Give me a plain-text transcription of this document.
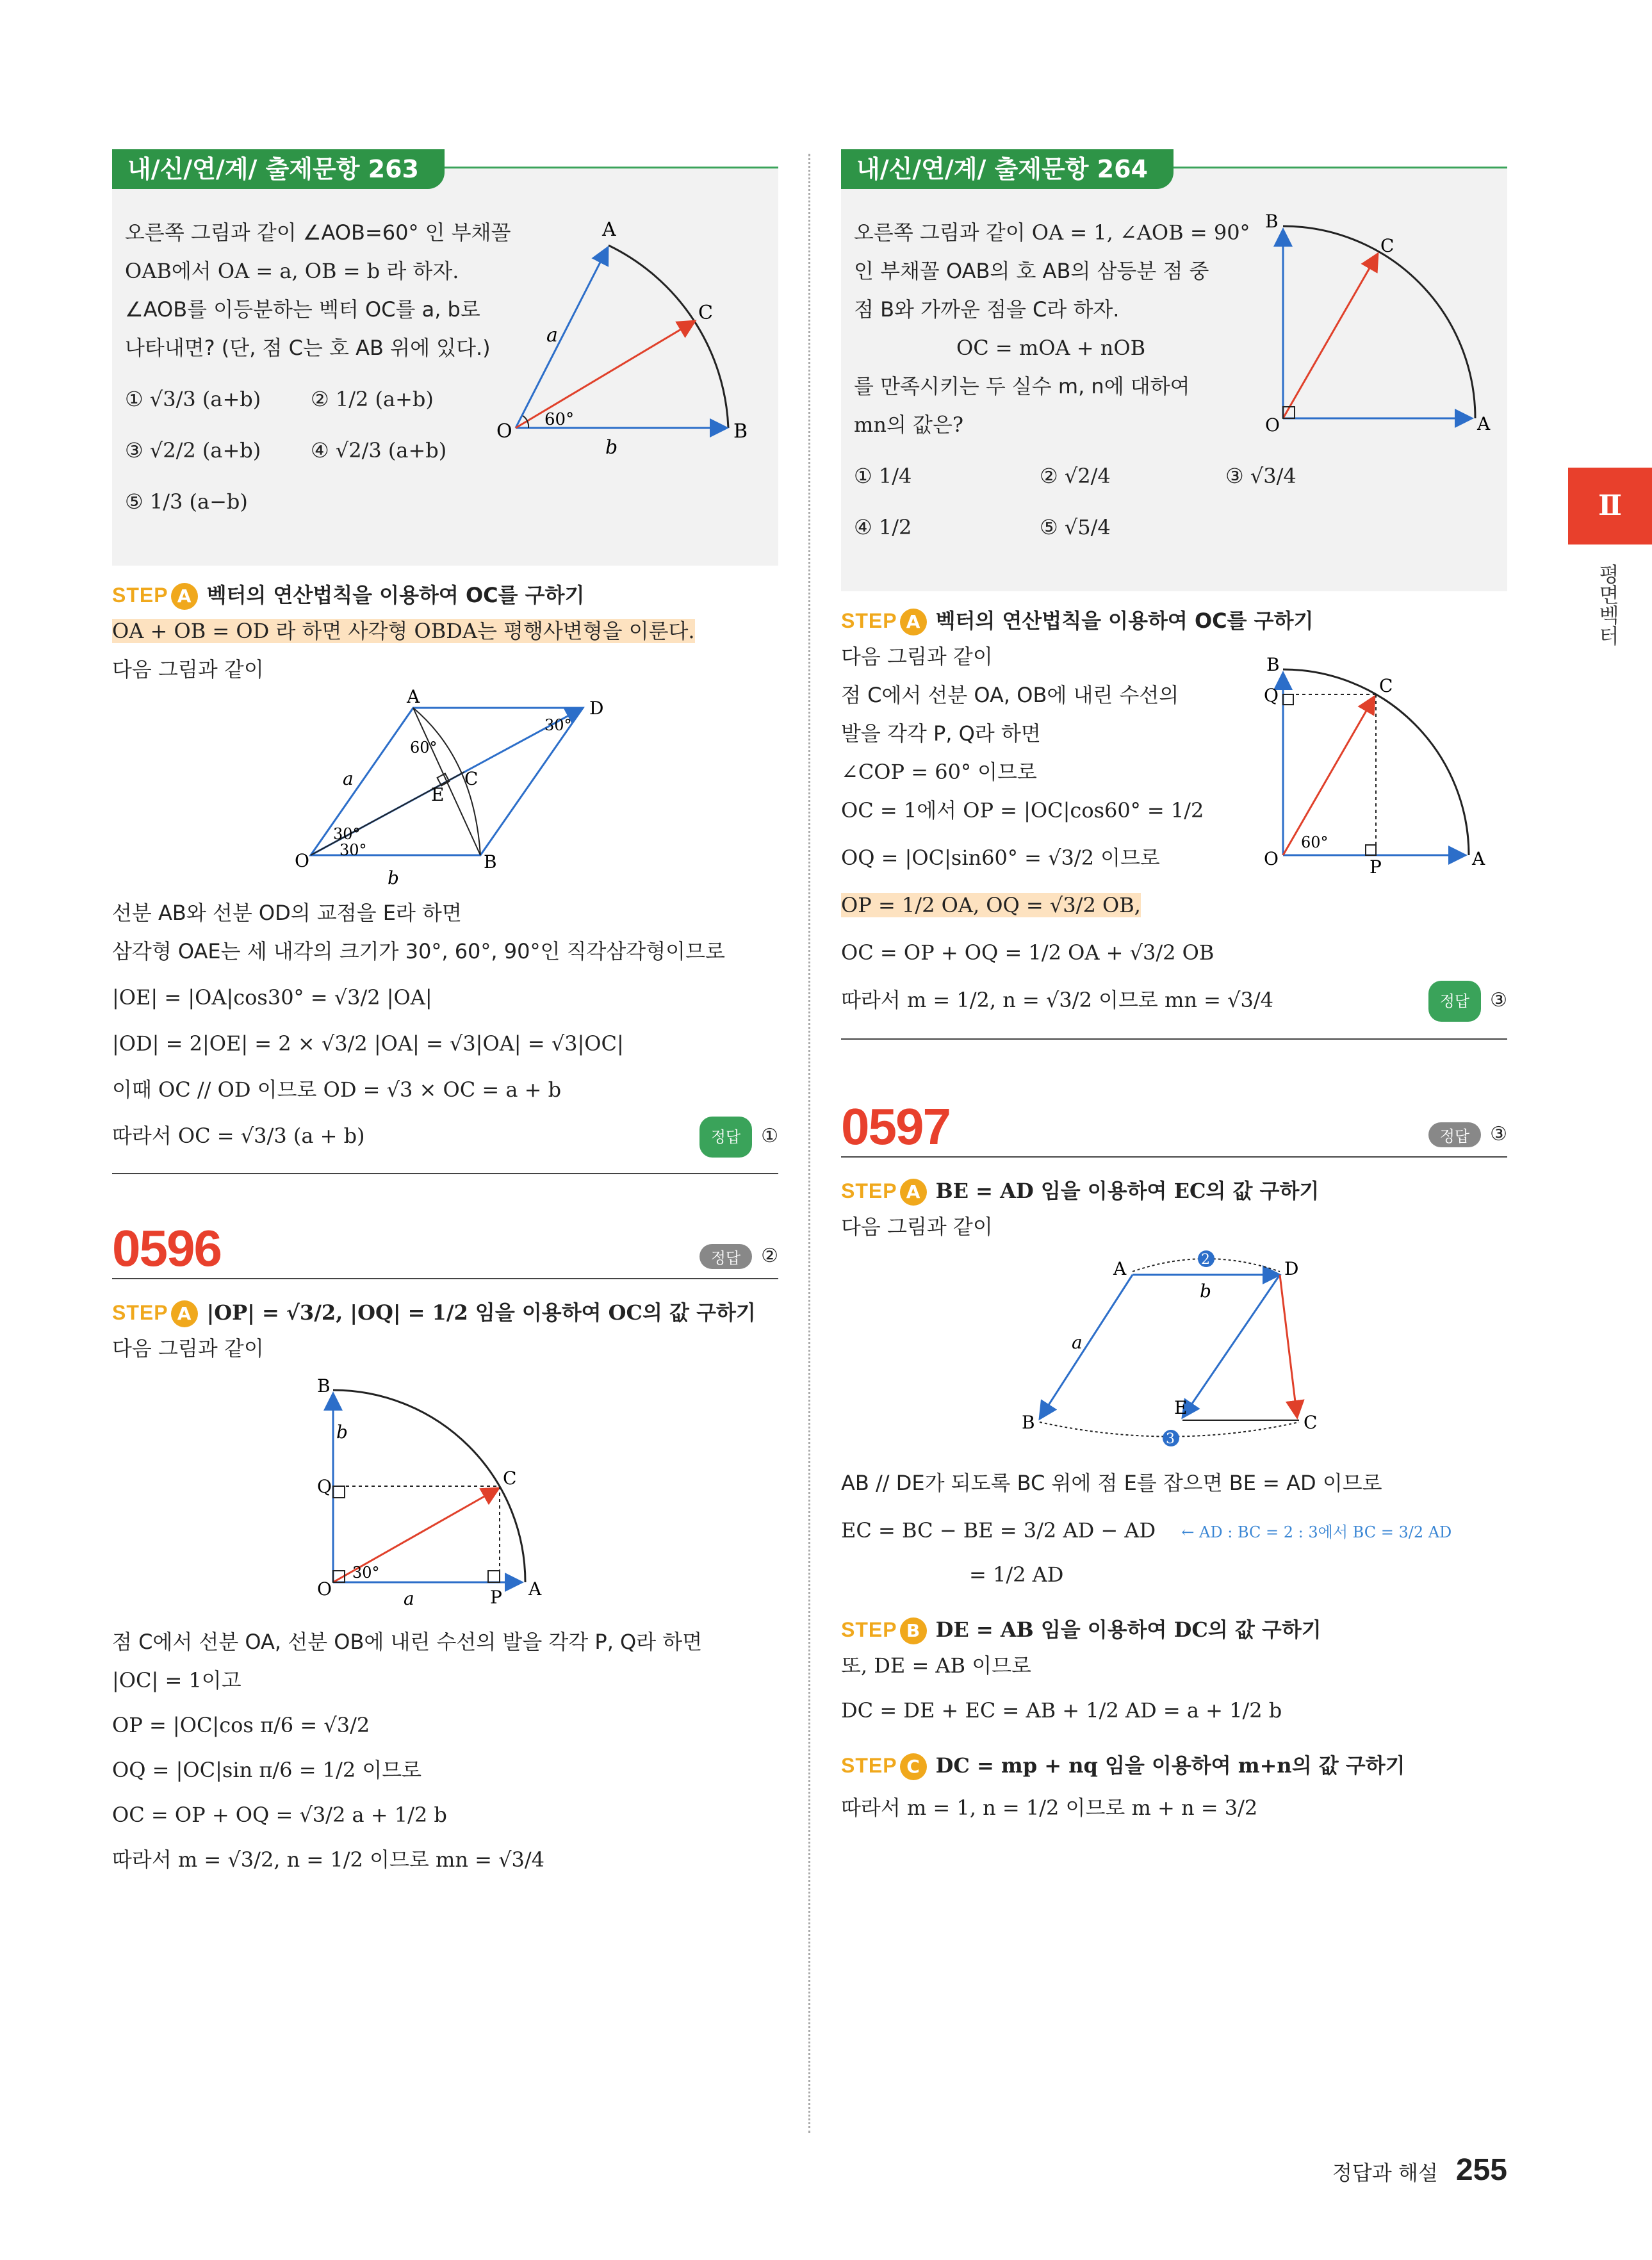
내/신/연/계/ 출제문항 263
오른쪽 그림과 같이 ∠AOB=60° 인 부채꼴
OAB에서 OA = a, OB = b 라 하자.
∠AOB를 이등분하는 벡터 OC를 a, b로
나타내면? (단, 점 C는 호 AB 위에 있다.)
① √3/3 (a+b) ② 1/2 (a+b)
③ √2/2 (a+b) ④ √2/3 (a+b)
⑤ 1/3 (a−b)
A
C
B
O
60°
a
b
STEP A 벡터의 연산법칙을 이용하여 OC를 구하기
OA + OB = OD 라 하면 사각형 OBDA는 평행사변형을 이룬다.
다음 그림과 같이
A
D
O	B
C
E
30°
60°
30°
30°
a
b
선분 AB와 선분 OD의 교점을 E라 하면
삼각형 OAE는 세 내각의 크기가 30°, 60°, 90°인 직각삼각형이므로
|OE| = |OA|cos30° = √3/2 |OA|
|OD| = 2|OE| = 2 × √3/2 |OA| = √3|OA| = √3|OC|
이때 OC // OD 이므로 OD = √3 × OC = a + b
따라서 OC = √3/3 (a + b)	정답 ①
0596	정답 ②
STEP A |OP| = √3/2, |OQ| = 1/2 임을 이용하여 OC의 값 구하기
다음 그림과 같이
B
Q
O
C
A
P
30°
b
a
점 C에서 선분 OA, 선분 OB에 내린 수선의 발을 각각 P, Q라 하면
|OC| = 1이고
OP = |OC|cos π/6 = √3/2
OQ = |OC|sin π/6 = 1/2 이므로
OC = OP + OQ = √3/2 a + 1/2 b
따라서 m = √3/2, n = 1/2 이므로 mn = √3/4
내/신/연/계/ 출제문항 264
오른쪽 그림과 같이 OA = 1, ∠AOB = 90°
인 부채꼴 OAB의 호 AB의 삼등분 점 중
점 B와 가까운 점을 C라 하자.
OC = mOA + nOB
를 만족시키는 두 실수 m, n에 대하여
mn의 값은?
① 1/4	② √2/4	③ √3/4
④ 1/2	⑤ √5/4
B
C
O	A
STEP A 벡터의 연산법칙을 이용하여 OC를 구하기
다음 그림과 같이
점 C에서 선분 OA, OB에 내린 수선의
발을 각각 P, Q라 하면
∠COP = 60° 이므로
OC = 1에서 OP = |OC|cos60° = 1/2
OQ = |OC|sin60° = √3/2 이므로
OP = 1/2 OA, OQ = √3/2 OB,
OC = OP + OQ = 1/2 OA + √3/2 OB
따라서 m = 1/2, n = √3/2 이므로 mn = √3/4	정답 ③
B
Q	C
O	A
P
60°
0597	정답 ③
STEP A BE = AD 임을 이용하여 EC의 값 구하기
다음 그림과 같이
2
3
A	D
B	C
E
b
a
AB // DE가 되도록 BC 위에 점 E를 잡으면 BE = AD 이므로
EC = BC − BE = 3/2 AD − AD ← AD : BC = 2 : 3에서 BC = 3/2 AD
= 1/2 AD
STEP B DE = AB 임을 이용하여 DC의 값 구하기
또, DE = AB 이므로
DC = DE + EC = AB + 1/2 AD = a + 1/2 b
STEP C DC = mp + nq 임을 이용하여 m+n의 값 구하기
따라서 m = 1, n = 1/2 이므로 m + n = 3/2
Ⅱ
평면벡터
정답과 해설 255
